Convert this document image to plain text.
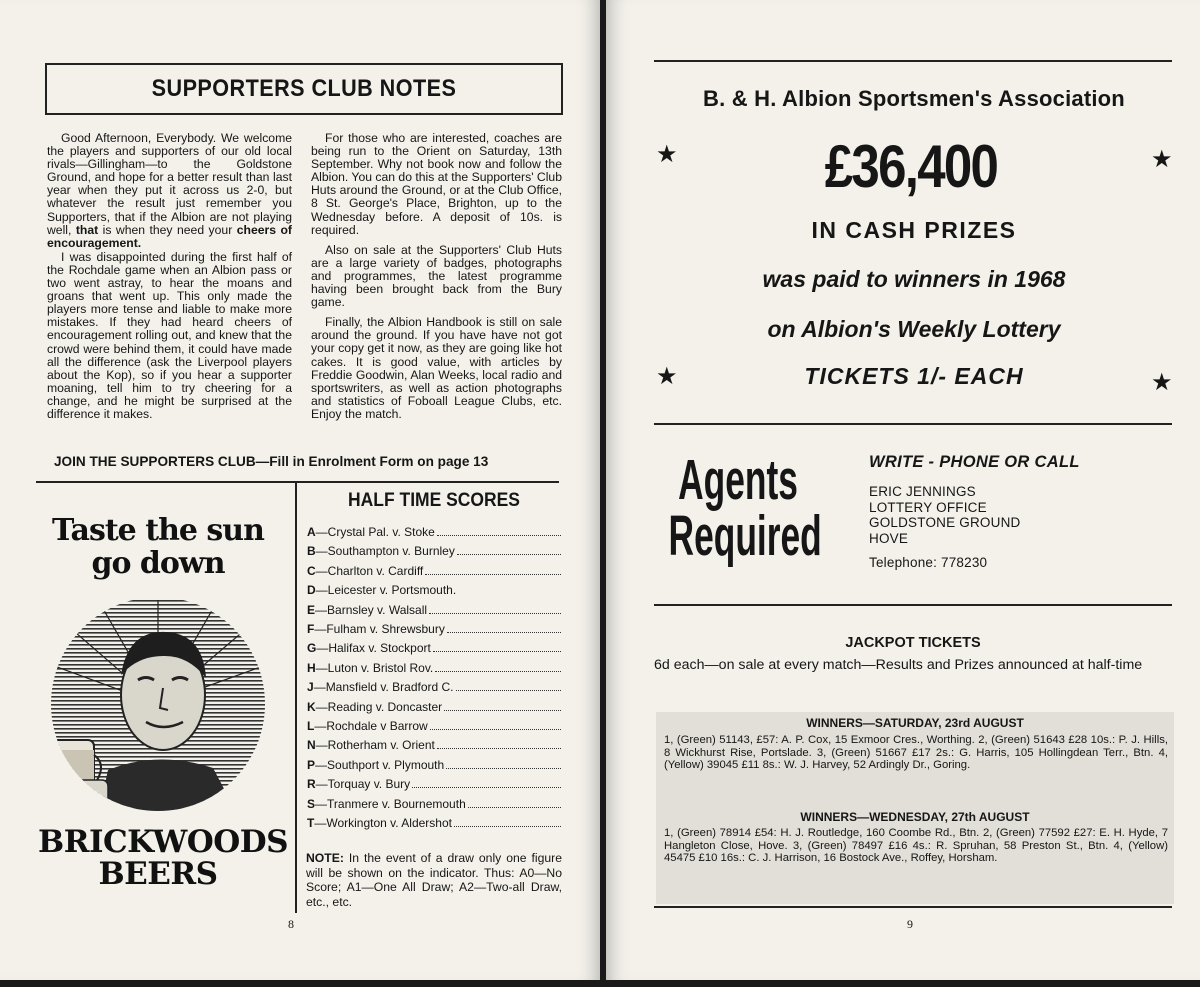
SUPPORTERS CLUB NOTES

Good Afternoon, Everybody. We welcome the players and supporters of our old local rivals—Gillingham—to the Goldstone Ground, and hope for a better result than last year when they put it across us 2-0, but whatever the result just remember you Supporters, that if the Albion are not playing well, that is when they need your cheers of encouragement.

I was disappointed during the first half of the Rochdale game when an Albion pass or two went astray, to hear the moans and groans that went up. This only made the players more tense and liable to make more mistakes. If they had heard cheers of encouragement rolling out, and knew that the crowd were behind them, it could have made all the difference (ask the Liverpool players about the Kop), so if you hear a supporter moaning, tell him to try cheering for a change, and he might be surprised at the difference it makes.

For those who are interested, coaches are being run to the Orient on Saturday, 13th September. Why not book now and follow the Albion. You can do this at the Supporters' Club Huts around the Ground, or at the Club Office, 8 St. George's Place, Brighton, up to the Wednesday before. A deposit of 10s. is required.

Also on sale at the Supporters' Club Huts are a large variety of badges, photographs and programmes, the latest programme having been brought back from the Bury game.

Finally, the Albion Handbook is still on sale around the ground. If you have have not got your copy get it now, as they are going like hot cakes. It is good value, with articles by Freddie Goodwin, Alan Weeks, local radio and sportswriters, as well as action photographs and statistics of Foboall League Clubs, etc. Enjoy the match.

JOIN THE SUPPORTERS CLUB—Fill in Enrolment Form on page 13
Taste the sun
go down
BRICKWOODS
BEERS
HALF TIME SCORES
A —Crystal Pal. v. Stoke
B —Southampton v. Burnley
C —Charlton v. Cardiff
D —Leicester v. Portsmouth.
E —Barnsley v. Walsall
F —Fulham v. Shrewsbury
G —Halifax v. Stockport
H —Luton v. Bristol Rov.
J —Mansfield v. Bradford C.
K —Reading v. Doncaster
L —Rochdale v Barrow
N —Rotherham v. Orient
P —Southport v. Plymouth
R —Torquay v. Bury
S —Tranmere v. Bournemouth
T —Workington v. Aldershot
NOTE: In the event of a draw only one figure will be shown on the indicator. Thus: A0—No Score; A1—One All Draw; A2—Two-all Draw, etc., etc.
8
B. & H. Albion Sportsmen's Association
★	★
£36,400
IN CASH PRIZES
was paid to winners in 1968
on Albion's Weekly Lottery
★	TICKETS 1/- EACH	★
Agents
Required
WRITE - PHONE OR CALL
ERIC JENNINGS
LOTTERY OFFICE
GOLDSTONE GROUND
HOVE
Telephone: 778230
JACKPOT TICKETS
6d each—on sale at every match—Results and Prizes announced at half-time
WINNERS—SATURDAY, 23rd AUGUST
1, (Green) 51143, £57: A. P. Cox, 15 Exmoor Cres., Worthing. 2, (Green) 51643 £28 10s.: P. J. Hills, 8 Wickhurst Rise, Portslade. 3, (Green) 51667 £17 2s.: G. Harris, 105 Hollingdean Terr., Btn. 4, (Yellow) 39045 £11 8s.: W. J. Harvey, 52 Ardingly Dr., Goring.
WINNERS—WEDNESDAY, 27th AUGUST
1, (Green) 78914 £54: H. J. Routledge, 160 Coombe Rd., Btn. 2, (Green) 77592 £27: E. H. Hyde, 7 Hangleton Close, Hove. 3, (Green) 78497 £16 4s.: R. Spruhan, 58 Preston St., Btn. 4, (Yellow) 45475 £10 16s.: C. J. Harrison, 16 Bostock Ave., Roffey, Horsham.
9
